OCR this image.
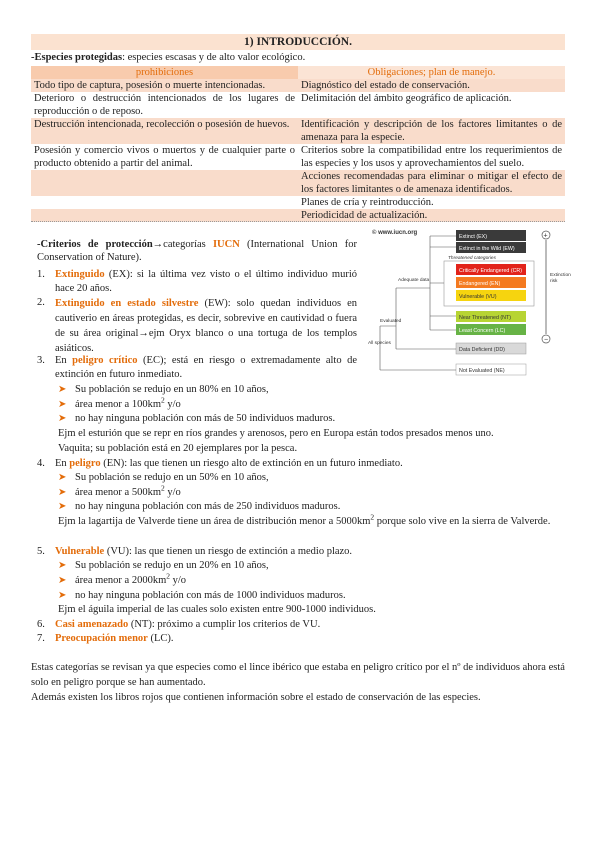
1) INTRODUCCIÓN.
-Especies protegidas: especies escasas y de alto valor ecológico.
prohibiciones	Obligaciones; plan de manejo.
Todo tipo de captura, posesión o muerte intencionadas.	Diagnóstico del estado de conservación.
Deterioro o destrucción intencionados de los lugares de reproducción o de reposo.	Delimitación del ámbito geográfico de aplicación.
Destrucción intencionada, recolección o posesión de huevos.	Identificación y descripción de los factores limitantes o de amenaza para la especie.
Posesión y comercio vivos o muertos y de cualquier parte o producto obtenido a partir del animal.	Criterios sobre la compatibilidad entre los requerimientos de las especies y los usos y aprovechamientos del suelo.
	Acciones recomendadas para eliminar o mitigar el efecto de los factores limitantes o de amenaza identificados.
	Planes de cría y reintroducción.
	Periodicidad de actualización.
-Criterios de protección→categorías IUCN (International Union for Conservation of Nature).
1. Extinguido (EX): si la última vez visto o el último individuo murió hace 20 años.
2. Extinguido en estado silvestre (EW): solo quedan individuos en cautiverio en áreas protegidas, es decir, sobrevive en cautividad o fuera de su área original→ejm Oryx blanco o una tortuga de los templos asiáticos.
3. En peligro crítico (EC); está en riesgo o extremadamente alto de extinción en futuro inmediato.
➤ Su población se redujo en un 80% en 10 años,
➤ área menor a $100km^2$ y/o
➤ no hay ninguna población con más de 50 individuos maduros.
Ejm el esturión que se repr en ríos grandes y arenosos, pero en Europa están todos presados menos uno.
Vaquita; su población está en 20 ejemplares por la pesca.
4. En peligro (EN): las que tienen un riesgo alto de extinción en un futuro inmediato.
➤ Su población se redujo en un 50% en 10 años,
➤ área menor a $500km^2$ y/o
➤ no hay ninguna población con más de 250 individuos maduros.
Ejm la lagartija de Valverde tiene un área de distribución menor a $5000km^2$ porque solo vive en la sierra de Valverde.
5. Vulnerable (VU): las que tienen un riesgo de extinción a medio plazo.
➤ Su población se redujo en un 20% en 10 años,
➤ área menor a $2000km^2$ y/o
➤ no hay ninguna población con más de 1000 individuos maduros.
Ejm el águila imperial de las cuales solo existen entre 900-1000 individuos.
6. Casi amenazado (NT): próximo a cumplir los criterios de VU.
7. Preocupación menor (LC).
Estas categorías se revisan ya que especies como el lince ibérico que estaba en peligro crítico por el nº de individuos ahora está solo en peligro porque se han aumentado.
Además existen los libros rojos que contienen información sobre el estado de conservación de las especies.
© www.iucn.org
Extinct (EX)
Extinct in the Wild (EW)
Threatened categories
Critically Endangered (CR)
Endangered (EN)
Vulnerable (VU)
Near Threatened (NT)
Least Concern (LC)
Data Deficient (DD)
Not Evaluated (NE)
Adequate data
Evaluated
All species
+
−
Extinction risk
